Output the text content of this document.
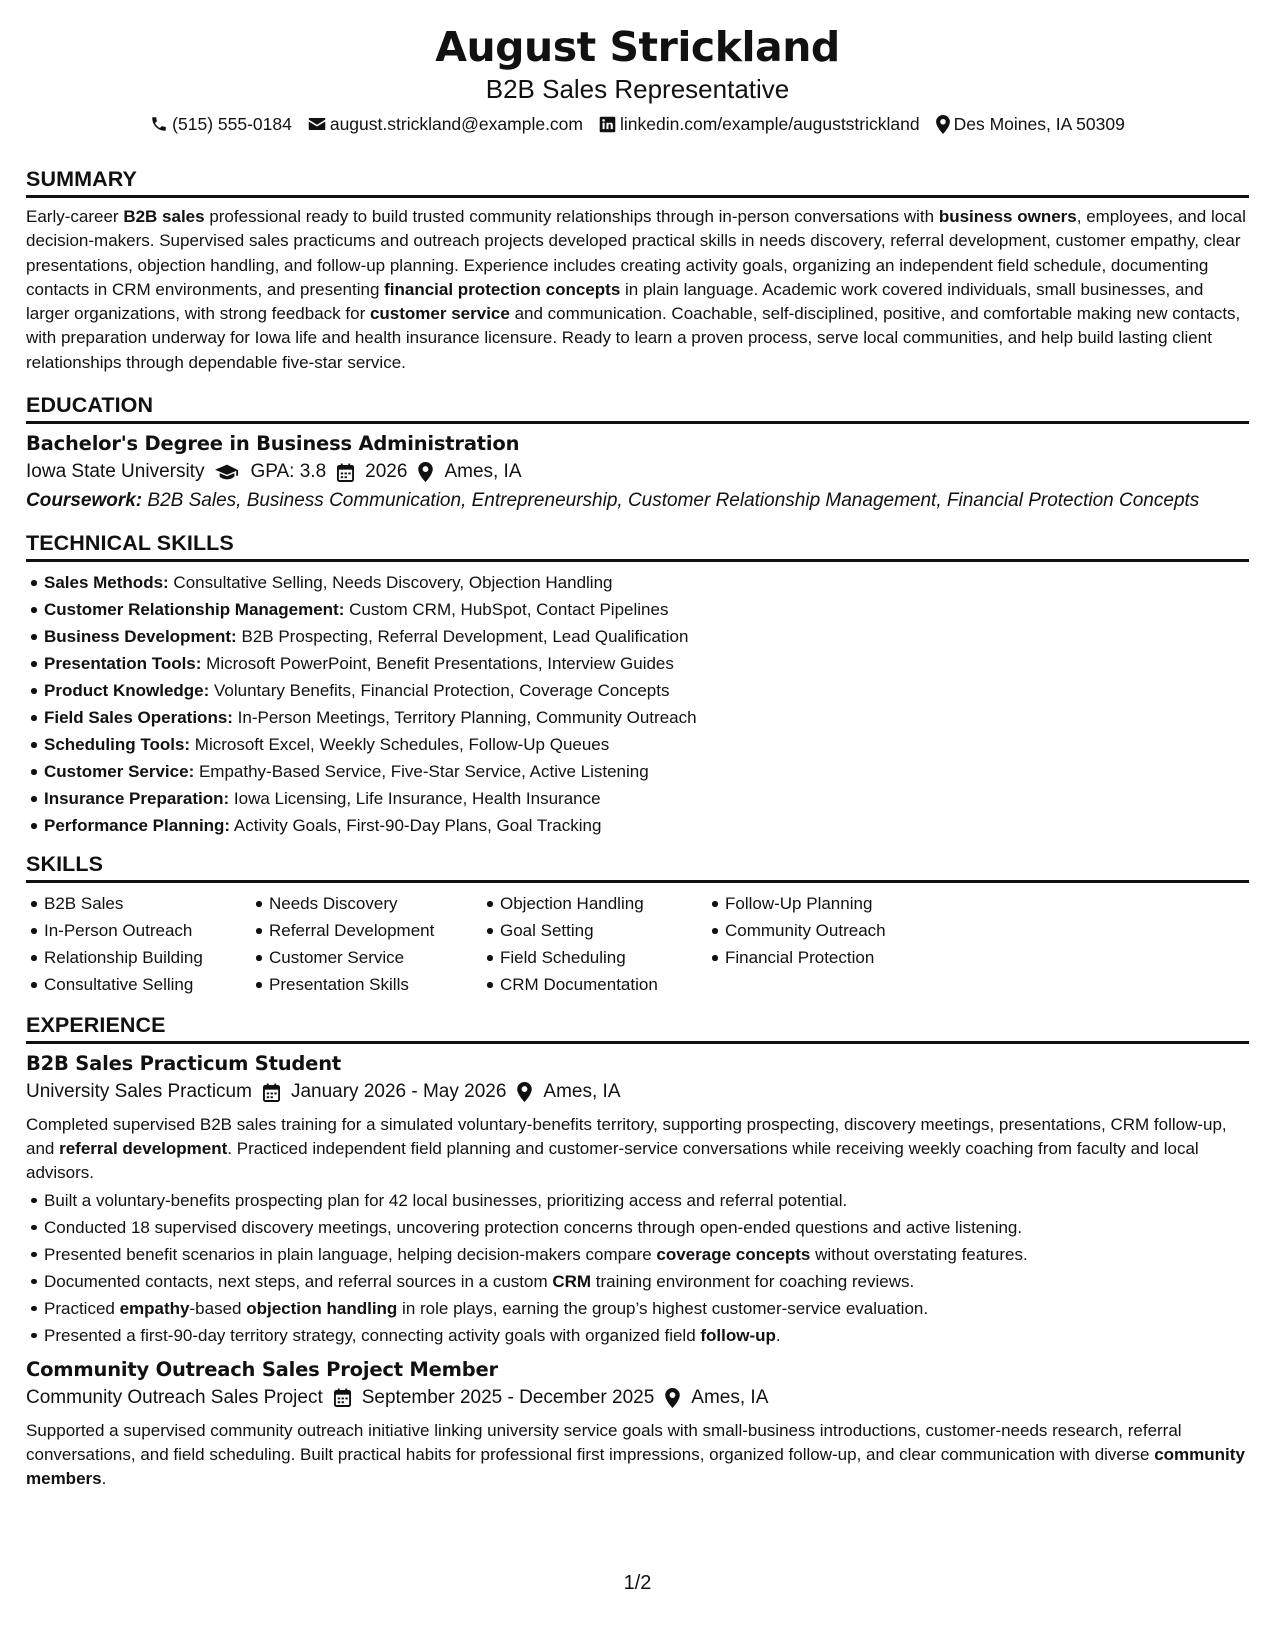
August Strickland
B2B Sales Representative
(515) 555-0184 august.strickland@example.com linkedin.com/example/auguststrickland Des Moines, IA 50309
SUMMARY

Early-career B2B sales professional ready to build trusted community relationships through in-person conversations with business owners, employees, and local decision-makers. Supervised sales practicums and outreach projects developed practical skills in needs discovery, referral development, customer empathy, clear presentations, objection handling, and follow-up planning. Experience includes creating activity goals, organizing an independent field schedule, documenting contacts in CRM environments, and presenting financial protection concepts in plain language. Academic work covered individuals, small businesses, and larger organizations, with strong feedback for customer service and communication. Coachable, self-disciplined, positive, and comfortable making new contacts, with preparation underway for Iowa life and health insurance licensure. Ready to learn a proven process, serve local communities, and help build lasting client relationships through dependable five-star service.

EDUCATION
Bachelor's Degree in Business Administration
Iowa State University GPA: 3.8 2026 Ames, IA
Coursework: B2B Sales, Business Communication, Entrepreneurship, Customer Relationship Management, Financial Protection Concepts
TECHNICAL SKILLS
Sales Methods: Consultative Selling, Needs Discovery, Objection Handling
Customer Relationship Management: Custom CRM, HubSpot, Contact Pipelines
Business Development: B2B Prospecting, Referral Development, Lead Qualification
Presentation Tools: Microsoft PowerPoint, Benefit Presentations, Interview Guides
Product Knowledge: Voluntary Benefits, Financial Protection, Coverage Concepts
Field Sales Operations: In-Person Meetings, Territory Planning, Community Outreach
Scheduling Tools: Microsoft Excel, Weekly Schedules, Follow-Up Queues
Customer Service: Empathy-Based Service, Five-Star Service, Active Listening
Insurance Preparation: Iowa Licensing, Life Insurance, Health Insurance
Performance Planning: Activity Goals, First-90-Day Plans, Goal Tracking
SKILLS
B2B Sales
In-Person Outreach
Relationship Building
Consultative Selling
Needs Discovery
Referral Development
Customer Service
Presentation Skills
Objection Handling
Goal Setting
Field Scheduling
CRM Documentation
Follow-Up Planning
Community Outreach
Financial Protection
EXPERIENCE
B2B Sales Practicum Student
University Sales Practicum January 2026 - May 2026 Ames, IA

Completed supervised B2B sales training for a simulated voluntary-benefits territory, supporting prospecting, discovery meetings, presentations, CRM follow-up, and referral development. Practiced independent field planning and customer-service conversations while receiving weekly coaching from faculty and local advisors.

Built a voluntary-benefits prospecting plan for 42 local businesses, prioritizing access and referral potential.
Conducted 18 supervised discovery meetings, uncovering protection concerns through open-ended questions and active listening.
Presented benefit scenarios in plain language, helping decision-makers compare coverage concepts without overstating features.
Documented contacts, next steps, and referral sources in a custom CRM training environment for coaching reviews.
Practiced empathy-based objection handling in role plays, earning the group’s highest customer-service evaluation.
Presented a first-90-day territory strategy, connecting activity goals with organized field follow-up.
Community Outreach Sales Project Member
Community Outreach Sales Project September 2025 - December 2025 Ames, IA

Supported a supervised community outreach initiative linking university service goals with small-business introductions, customer-needs research, referral conversations, and field scheduling. Built practical habits for professional first impressions, organized follow-up, and clear communication with diverse community members.

1/2
